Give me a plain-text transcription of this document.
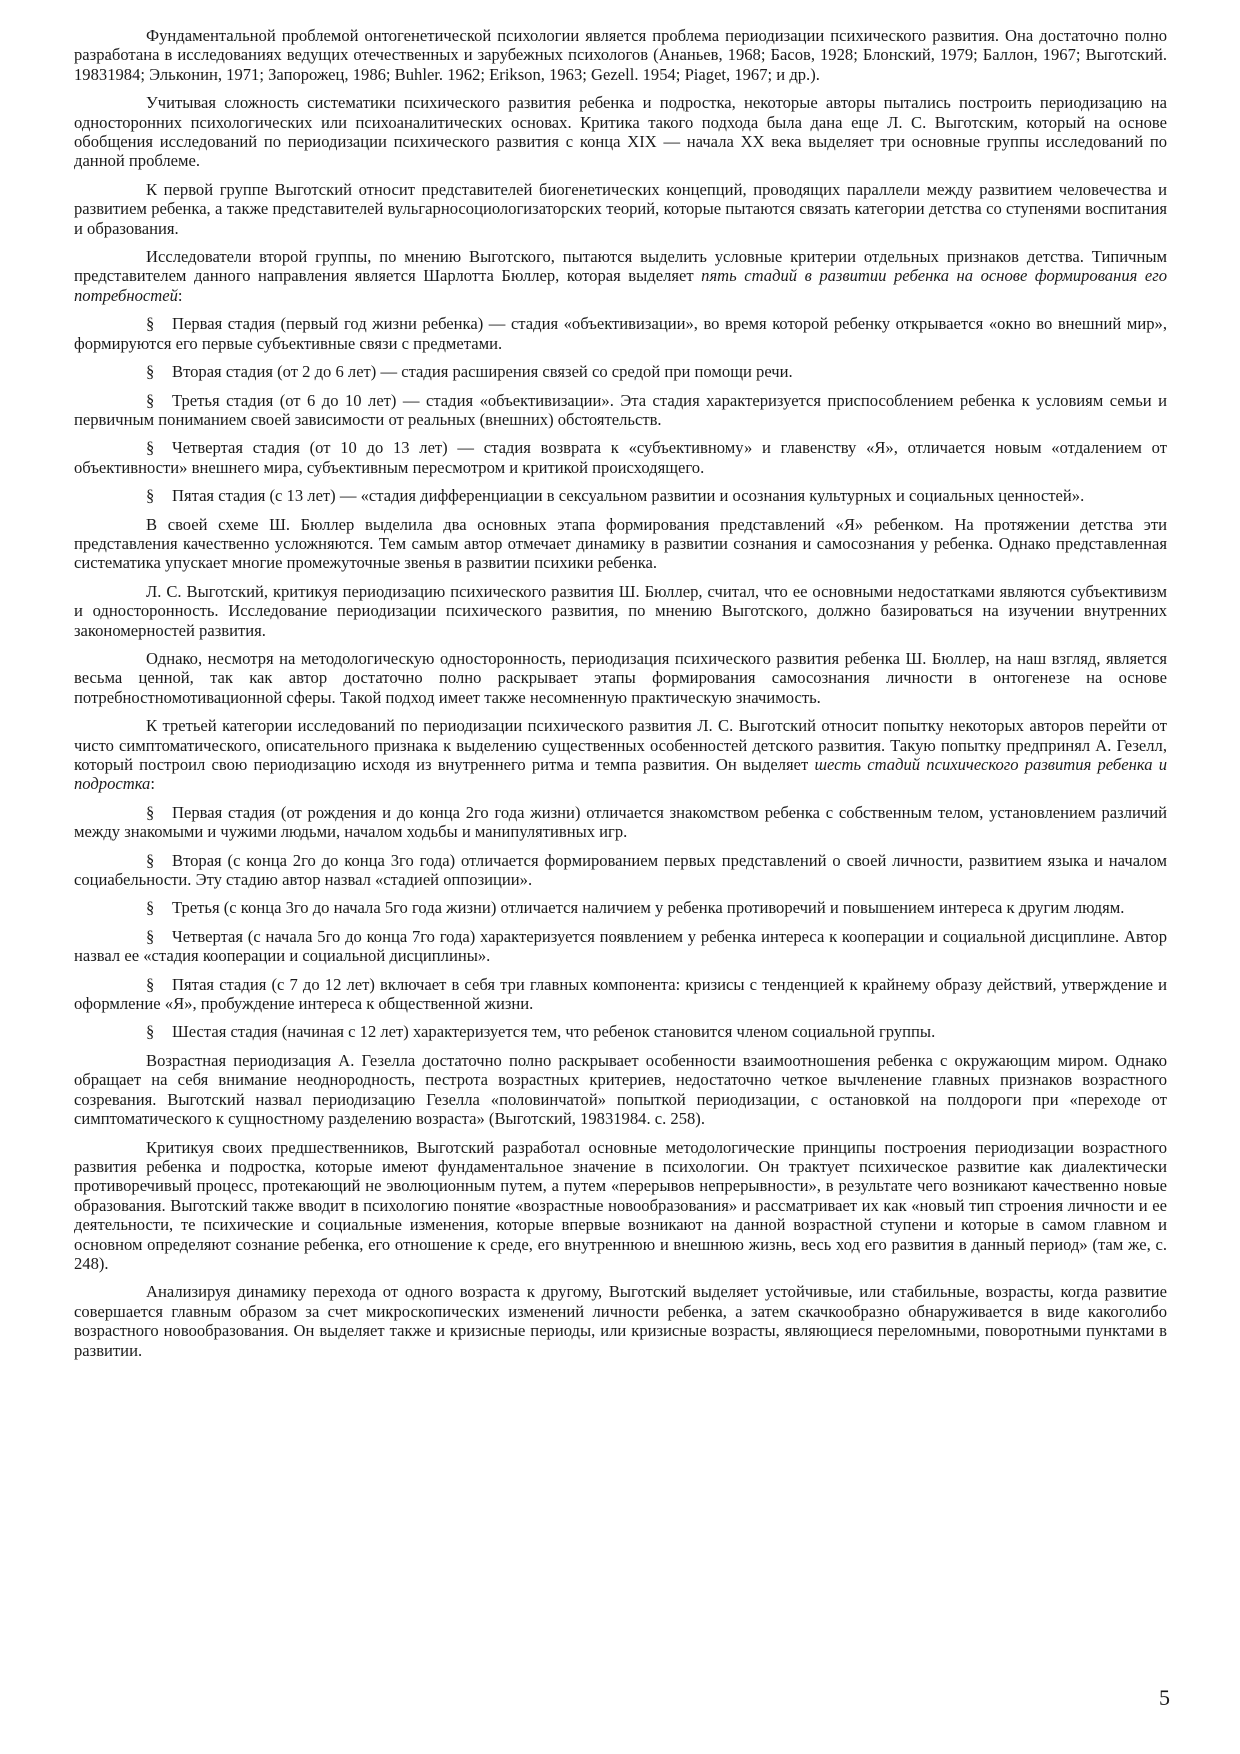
Фундаментальной проблемой онтогенетической психологии является проблема периодизации психического развития. Она достаточно полно разработана в исследованиях ведущих отечественных и зарубежных психологов (Ананьев, 1968; Басов, 1928; Блонский, 1979; Баллон, 1967; Выготский. 19831984; Эльконин, 1971; Запорожец, 1986; Buhler. 1962; Erikson, 1963; Gezell. 1954; Piaget, 1967; и др.).

Учитывая сложность систематики психического развития ребенка и подростка, некоторые авторы пытались построить периодизацию на односторонних психологических или психоаналитических основах. Критика такого подхода была дана еще Л. С. Выготским, который на основе обобщения исследований по периодизации психического развития с конца XIX — начала XX века выделяет три основные группы исследований по данной проблеме.

К первой группе Выготский относит представителей биогенетических концепций, проводящих параллели между развитием человечества и развитием ребенка, а также представителей вульгарносоциологизаторских теорий, которые пытаются связать категории детства со ступенями воспитания и образования.

Исследователи второй группы, по мнению Выготского, пытаются выделить условные критерии отдельных признаков детства. Типичным представителем данного направления является Шарлотта Бюллер, которая выделяет пять стадий в развитии ребенка на основе формирования его потребностей:

§ Первая стадия (первый год жизни ребенка) — стадия «объективизации», во время которой ребенку открывается «окно во внешний мир», формируются его первые субъективные связи с предметами.

§ Вторая стадия (от 2 до 6 лет) — стадия расширения связей со средой при помощи речи.

§ Третья стадия (от 6 до 10 лет) — стадия «объективизации». Эта стадия характеризуется приспособлением ребенка к условиям семьи и первичным пониманием своей зависимости от реальных (внешних) обстоятельств.

§ Четвертая стадия (от 10 до 13 лет) — стадия возврата к «субъективному» и главенству «Я», отличается новым «отдалением от объективности» внешнего мира, субъективным пересмотром и критикой происходящего.

§ Пятая стадия (с 13 лет) — «стадия дифференциации в сексуальном развитии и осознания культурных и социальных ценностей».

В своей схеме Ш. Бюллер выделила два основных этапа формирования представлений «Я» ребенком. На протяжении детства эти представления качественно усложняются. Тем самым автор отмечает динамику в развитии сознания и самосознания у ребенка. Однако представленная систематика упускает многие промежуточные звенья в развитии психики ребенка.

Л. С. Выготский, критикуя периодизацию психического развития Ш. Бюллер, считал, что ее основными недостатками являются субъективизм и односторонность. Исследование периодизации психического развития, по мнению Выготского, должно базироваться на изучении внутренних закономерностей развития.

Однако, несмотря на методологическую односторонность, периодизация психического развития ребенка Ш. Бюллер, на наш взгляд, является весьма ценной, так как автор достаточно полно раскрывает этапы формирования самосознания личности в онтогенезе на основе потребностномотивационной сферы. Такой подход имеет также несомненную практическую значимость.

К третьей категории исследований по периодизации психического развития Л. С. Выготский относит попытку некоторых авторов перейти от чисто симптоматического, описательного признака к выделению существенных особенностей детского развития. Такую попытку предпринял А. Гезелл, который построил свою периодизацию исходя из внутреннего ритма и темпа развития. Он выделяет шесть стадий психического развития ребенка и подростка:

§ Первая стадия (от рождения и до конца 2го года жизни) отличается знакомством ребенка с собственным телом, установлением различий между знакомыми и чужими людьми, началом ходьбы и манипулятивных игр.

§ Вторая (с конца 2го до конца 3го года) отличается формированием первых представлений о своей личности, развитием языка и началом социабельности. Эту стадию автор назвал «стадией оппозиции».

§ Третья (с конца 3го до начала 5го года жизни) отличается наличием у ребенка противоречий и повышением интереса к другим людям.

§ Четвертая (с начала 5го до конца 7го года) характеризуется появлением у ребенка интереса к кооперации и социальной дисциплине. Автор назвал ее «стадия кооперации и социальной дисциплины».

§ Пятая стадия (с 7 до 12 лет) включает в себя три главных компонента: кризисы с тенденцией к крайнему образу действий, утверждение и оформление «Я», пробуждение интереса к общественной жизни.

§ Шестая стадия (начиная с 12 лет) характеризуется тем, что ребенок становится членом социальной группы.

Возрастная периодизация А. Гезелла достаточно полно раскрывает особенности взаимоотношения ребенка с окружающим миром. Однако обращает на себя внимание неоднородность, пестрота возрастных критериев, недостаточно четкое вычленение главных признаков возрастного созревания. Выготский назвал периодизацию Гезелла «половинчатой» попыткой периодизации, с остановкой на полдороги при «переходе от симптоматического к сущностному разделению возраста» (Выготский, 19831984. с. 258).

Критикуя своих предшественников, Выготский разработал основные методологические принципы построения периодизации возрастного развития ребенка и подростка, которые имеют фундаментальное значение в психологии. Он трактует психическое развитие как диалектически противоречивый процесс, протекающий не эволюционным путем, а путем «перерывов непрерывности», в результате чего возникают качественно новые образования. Выготский также вводит в психологию понятие «возрастные новообразования» и рассматривает их как «новый тип строения личности и ее деятельности, те психические и социальные изменения, которые впервые возникают на данной возрастной ступени и которые в самом главном и основном определяют сознание ребенка, его отношение к среде, его внутреннюю и внешнюю жизнь, весь ход его развития в данный период» (там же, с. 248).

Анализируя динамику перехода от одного возраста к другому, Выготский выделяет устойчивые, или стабильные, возрасты, когда развитие совершается главным образом за счет микроскопических изменений личности ребенка, а затем скачкообразно обнаруживается в виде какоголибо возрастного новообразования. Он выделяет также и кризисные периоды, или кризисные возрасты, являющиеся переломными, поворотными пунктами в развитии.

5
